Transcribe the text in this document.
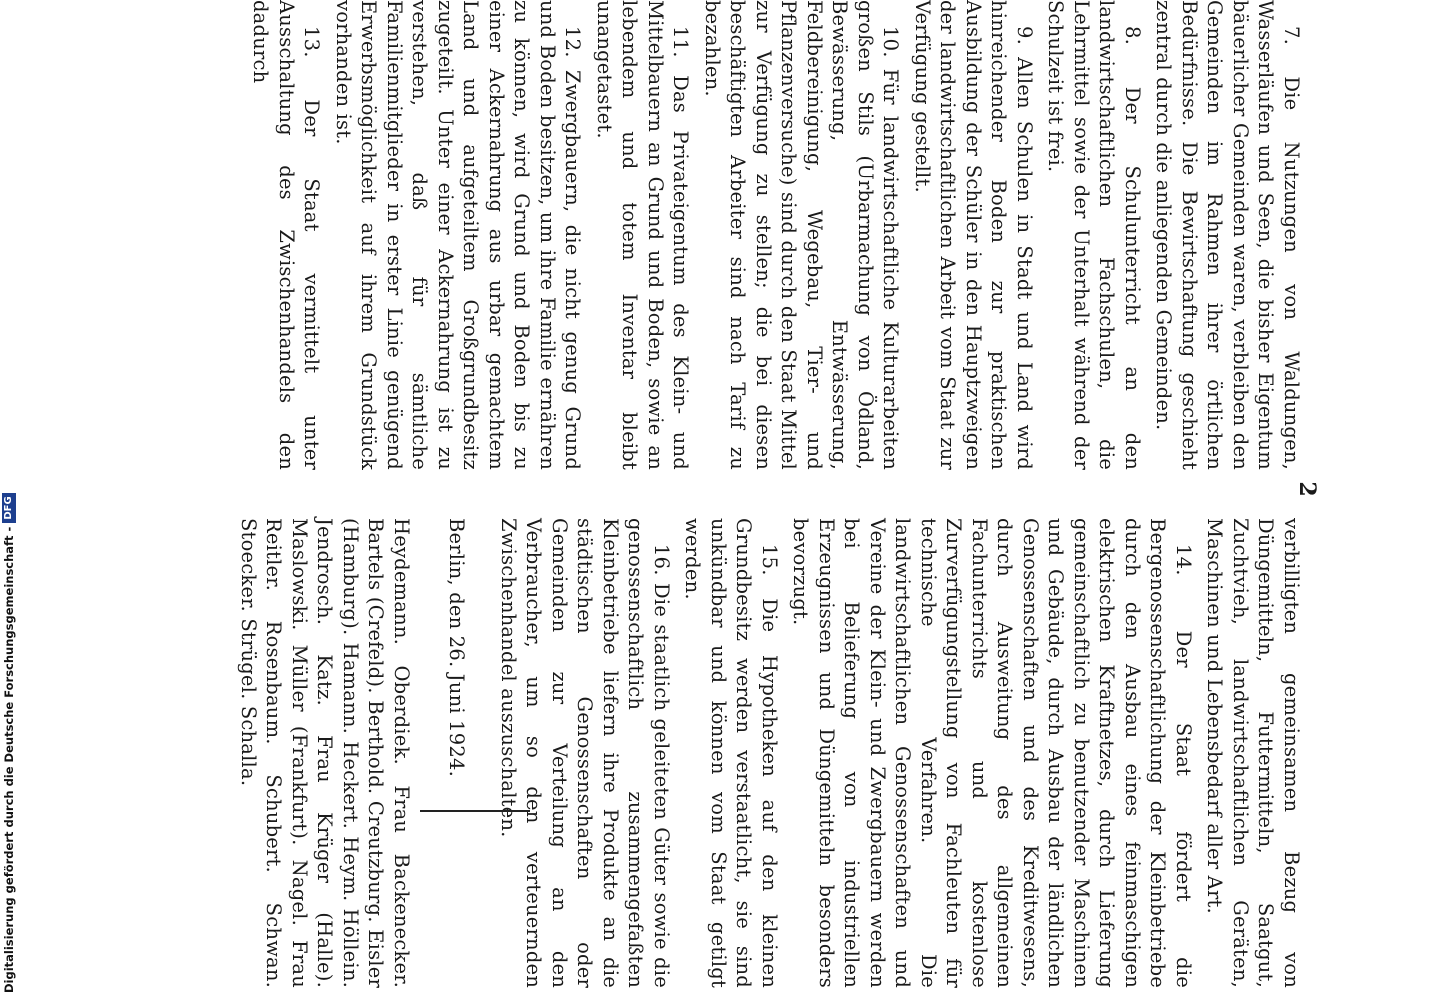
2

7. Die Nutzungen von Waldungen, Wasserläufen und Seen, die bisher Eigentum bäuerlicher Gemeinden waren, verbleiben den Gemeinden im Rahmen ihrer örtlichen Bedürfnisse. Die Bewirtschaftung geschieht zentral durch die anliegenden Gemeinden.

8. Der Schulunterricht an den landwirtschaftlichen Fachschulen, die Lehrmittel sowie der Unterhalt während der Schulzeit ist frei.

9. Allen Schulen in Stadt und Land wird hinreichender Boden zur praktischen Ausbildung der Schüler in den Hauptzweigen der landwirtschaftlichen Arbeit vom Staat zur Verfügung gestellt.

10. Für landwirtschaftliche Kulturarbeiten großen Stils (Urbarmachung von Ödland, Bewässerung, Entwässerung, Feldbereinigung, Wegebau, Tier- und Pflanzenversuche) sind durch den Staat Mittel zur Verfügung zu stellen; die bei diesen beschäftigten Arbeiter sind nach Tarif zu bezahlen.

11. Das Privateigentum des Klein- und Mittelbauern an Grund und Boden, sowie an lebendem und totem Inventar bleibt unangetastet.

12. Zwergbauern, die nicht genug Grund und Boden besitzen, um ihre Familie ernähren zu können, wird Grund und Boden bis zu einer Ackernahrung aus urbar gemachtem Land und aufgeteiltem Großgrundbesitz zugeteilt. Unter einer Ackernahrung ist zu verstehen, daß für sämtliche Familienmitglieder in erster Linie genügend Erwerbsmöglichkeit auf ihrem Grundstück vorhanden ist.

13. Der Staat vermittelt unter Ausschaltung des Zwischenhandels den dadurch

verbilligten gemeinsamen Bezug von Düngemitteln, Futtermitteln, Saatgut, Zuchtvieh, landwirtschaftlichen Geräten, Maschinen und Lebensbedarf aller Art.

14. Der Staat fördert die Bergenossenschaftlichung der Kleinbetriebe durch den Ausbau eines feinmaschigen elektrischen Kraftnetzes, durch Lieferung gemeinschaftlich zu benutzender Maschinen und Gebäude, durch Ausbau der ländlichen Genossenschaften und des Kreditwesens, durch Ausweitung des allgemeinen Fachunterrichts und kostenlose Zurverfügungstellung von Fachleuten für technische Verfahren. Die landwirtschaftlichen Genossenschaften und Vereine der Klein- und Zwergbauern werden bei Belieferung von industriellen Erzeugnissen und Düngemitteln besonders bevorzugt.

15. Die Hypotheken auf den kleinen Grundbesitz werden verstaatlicht, sie sind unkündbar und können vom Staat getilgt werden.

16. Die staatlich geleiteten Güter sowie die genossenschaftlich zusammengefaßten Kleinbetriebe liefern ihre Produkte an die städtischen Genossenschaften oder Gemeinden zur Verteilung an den Verbraucher, um so den verteuernden Zwischenhandel auszuschalten.

Berlin, den 26. Juni 1924.

Heydemann. Oberdiek. Frau Backenecker. Bartels (Crefeld). Berthold. Creutzburg. Eisler (Hamburg). Hamann. Heckert. Heym. Höllein. Jendrosch. Katz. Frau Krüger (Halle). Maslowski. Müller (Frankfurt). Nagel. Frau Reitler. Rosenbaum. Schubert. Schwan. Stoecker. Strügel. Schalla.

Digitalisierung gefördert durch die Deutsche Forschungsgemeinschaft -
DFG
